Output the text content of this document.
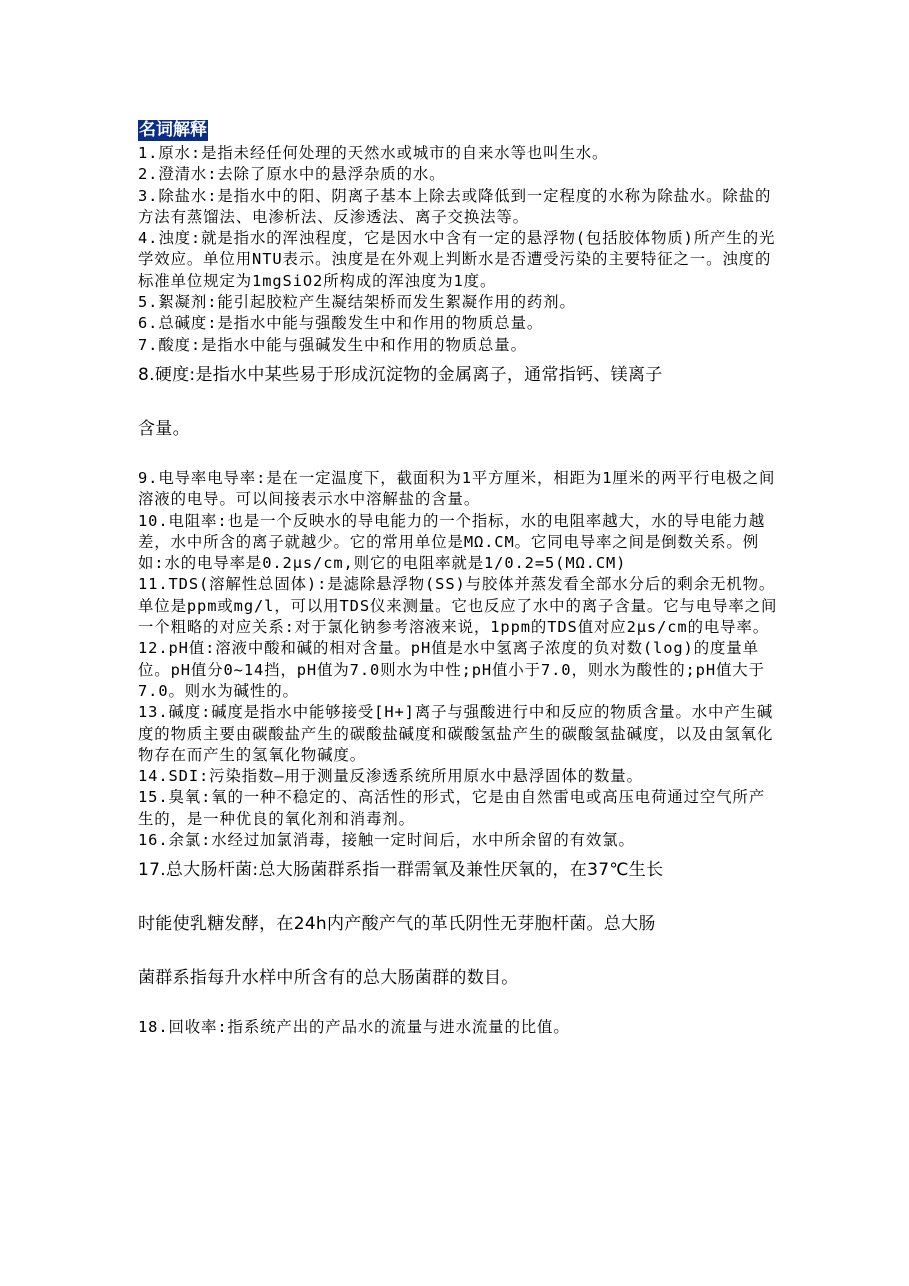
名词解释

1.原水:是指未经任何处理的天然水或城市的自来水等也叫生水。

2.澄清水:去除了原水中的悬浮杂质的水。

3.除盐水:是指水中的阳、阴离子基本上除去或降低到一定程度的水称为除盐水。除盐的方法有蒸馏法、电渗析法、反渗透法、离子交换法等。

4.浊度:就是指水的浑浊程度，它是因水中含有一定的悬浮物(包括胶体物质)所产生的光学效应。单位用NTU表示。浊度是在外观上判断水是否遭受污染的主要特征之一。浊度的标准单位规定为1mgSiO2所构成的浑浊度为1度。

5.絮凝剂:能引起胶粒产生凝结架桥而发生絮凝作用的药剂。

6.总碱度:是指水中能与强酸发生中和作用的物质总量。

7.酸度:是指水中能与强碱发生中和作用的物质总量。

8.硬度:是指水中某些易于形成沉淀物的金属离子，通常指钙、镁离子
含量。

9.电导率电导率:是在一定温度下，截面积为1平方厘米，相距为1厘米的两平行电极之间溶液的电导。可以间接表示水中溶解盐的含量。

10.电阻率:也是一个反映水的导电能力的一个指标，水的电阻率越大，水的导电能力越差，水中所含的离子就越少。它的常用单位是MΩ.CM。它同电导率之间是倒数关系。例如:水的电导率是0.2μs/cm,则它的电阻率就是1/0.2=5(MΩ.CM)

11.TDS(溶解性总固体):是滤除悬浮物(SS)与胶体并蒸发看全部水分后的剩余无机物。单位是ppm或mg/l，可以用TDS仪来测量。它也反应了水中的离子含量。它与电导率之间一个粗略的对应关系:对于氯化钠参考溶液来说，1ppm的TDS值对应2μs/cm的电导率。

12.pH值:溶液中酸和碱的相对含量。pH值是水中氢离子浓度的负对数(log)的度量单位。pH值分0~14挡，pH值为7.0则水为中性;pH值小于7.0，则水为酸性的;pH值大于7.0。则水为碱性的。

13.碱度:碱度是指水中能够接受[H+]离子与强酸进行中和反应的物质含量。水中产生碱度的物质主要由碳酸盐产生的碳酸盐碱度和碳酸氢盐产生的碳酸氢盐碱度，以及由氢氧化物存在而产生的氢氧化物碱度。

14.SDI:污染指数—用于测量反渗透系统所用原水中悬浮固体的数量。

15.臭氧:氧的一种不稳定的、高活性的形式，它是由自然雷电或高压电荷通过空气所产生的，是一种优良的氧化剂和消毒剂。

16.余氯:水经过加氯消毒，接触一定时间后，水中所余留的有效氯。

17.总大肠杆菌:总大肠菌群系指一群需氧及兼性厌氧的，在37℃生长
时能使乳糖发酵，在24h内产酸产气的革氏阴性无芽胞杆菌。总大肠
菌群系指每升水样中所含有的总大肠菌群的数目。

18.回收率:指系统产出的产品水的流量与进水流量的比值。
